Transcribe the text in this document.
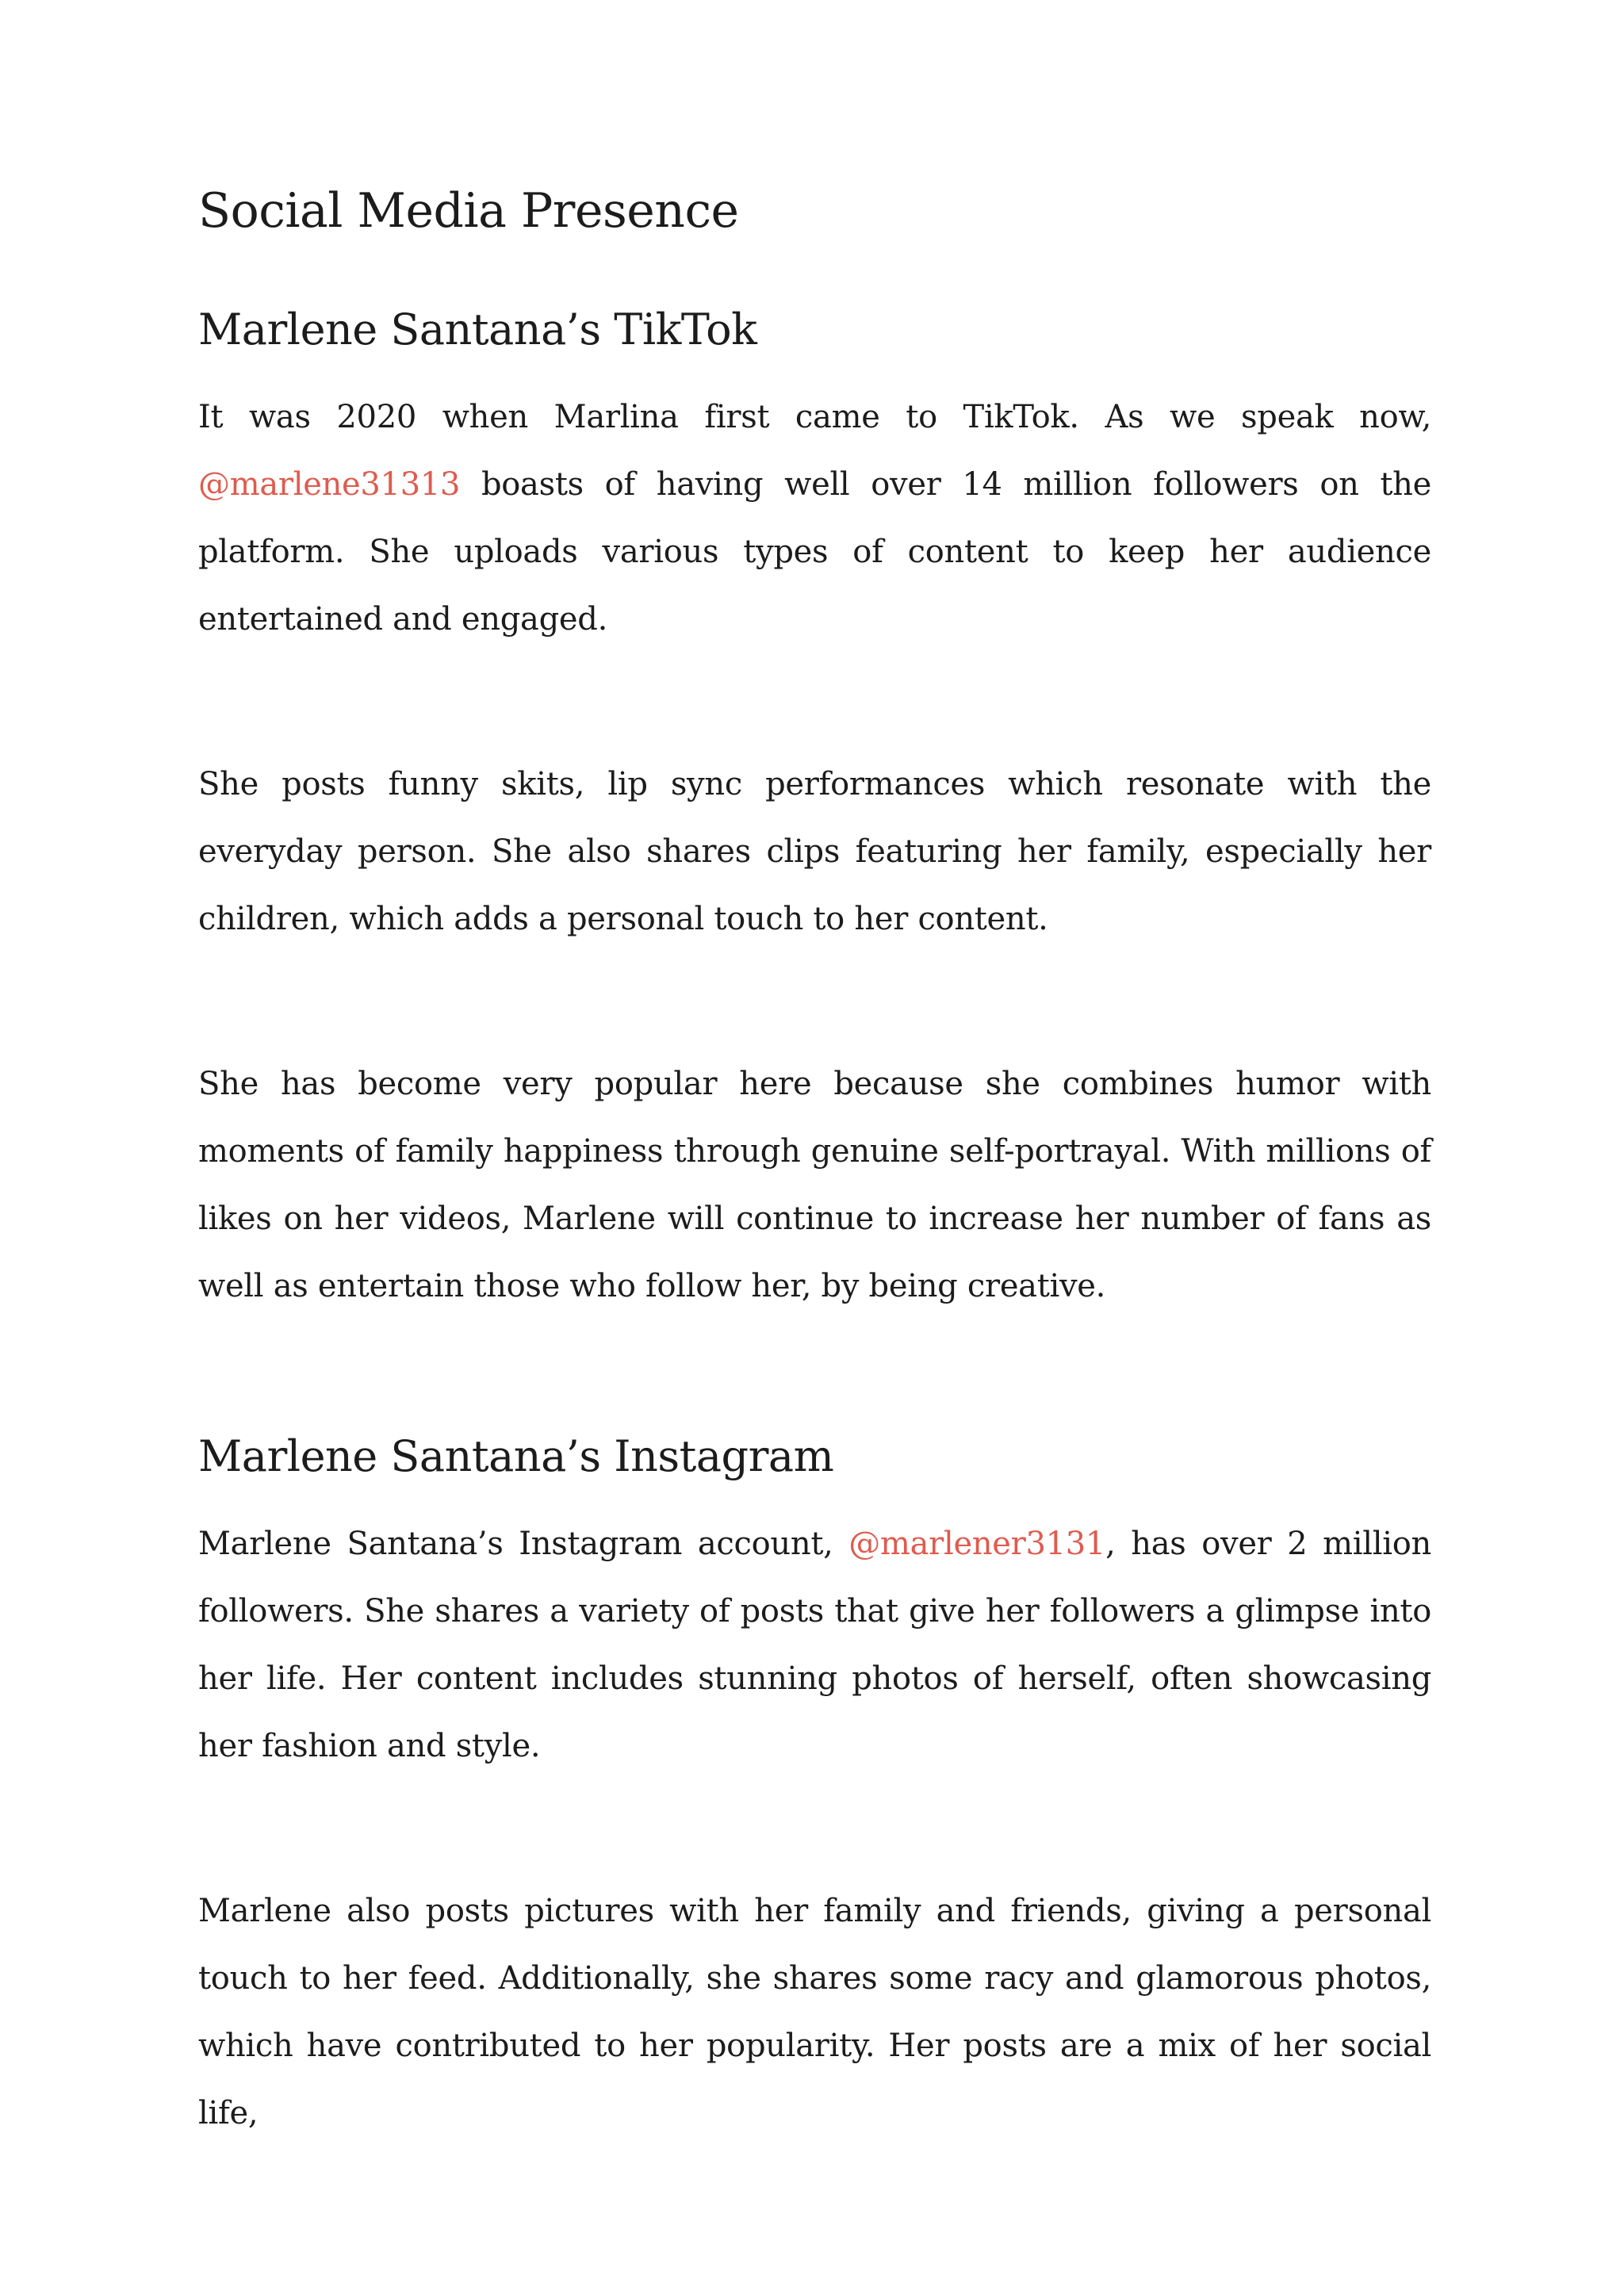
Social Media Presence
Marlene Santana’s TikTok

It was 2020 when Marlina first came to TikTok. As we speak now, @marlene31313 boasts of having well over 14 million followers on the platform. She uploads various types of content to keep her audience entertained and engaged.

She posts funny skits, lip sync performances which resonate with the everyday person. She also shares clips featuring her family, especially her children, which adds a personal touch to her content.

She has become very popular here because she combines humor with moments of family happiness through genuine self-portrayal. With millions of likes on her videos, Marlene will continue to increase her number of fans as well as entertain those who follow her, by being creative.

Marlene Santana’s Instagram

Marlene Santana’s Instagram account, @marlener3131, has over 2 million followers. She shares a variety of posts that give her followers a glimpse into her life. Her content includes stunning photos of herself, often showcasing her fashion and style.

Marlene also posts pictures with her family and friends, giving a personal touch to her feed. Additionally, she shares some racy and glamorous photos, which have contributed to her popularity. Her posts are a mix of her social life,
